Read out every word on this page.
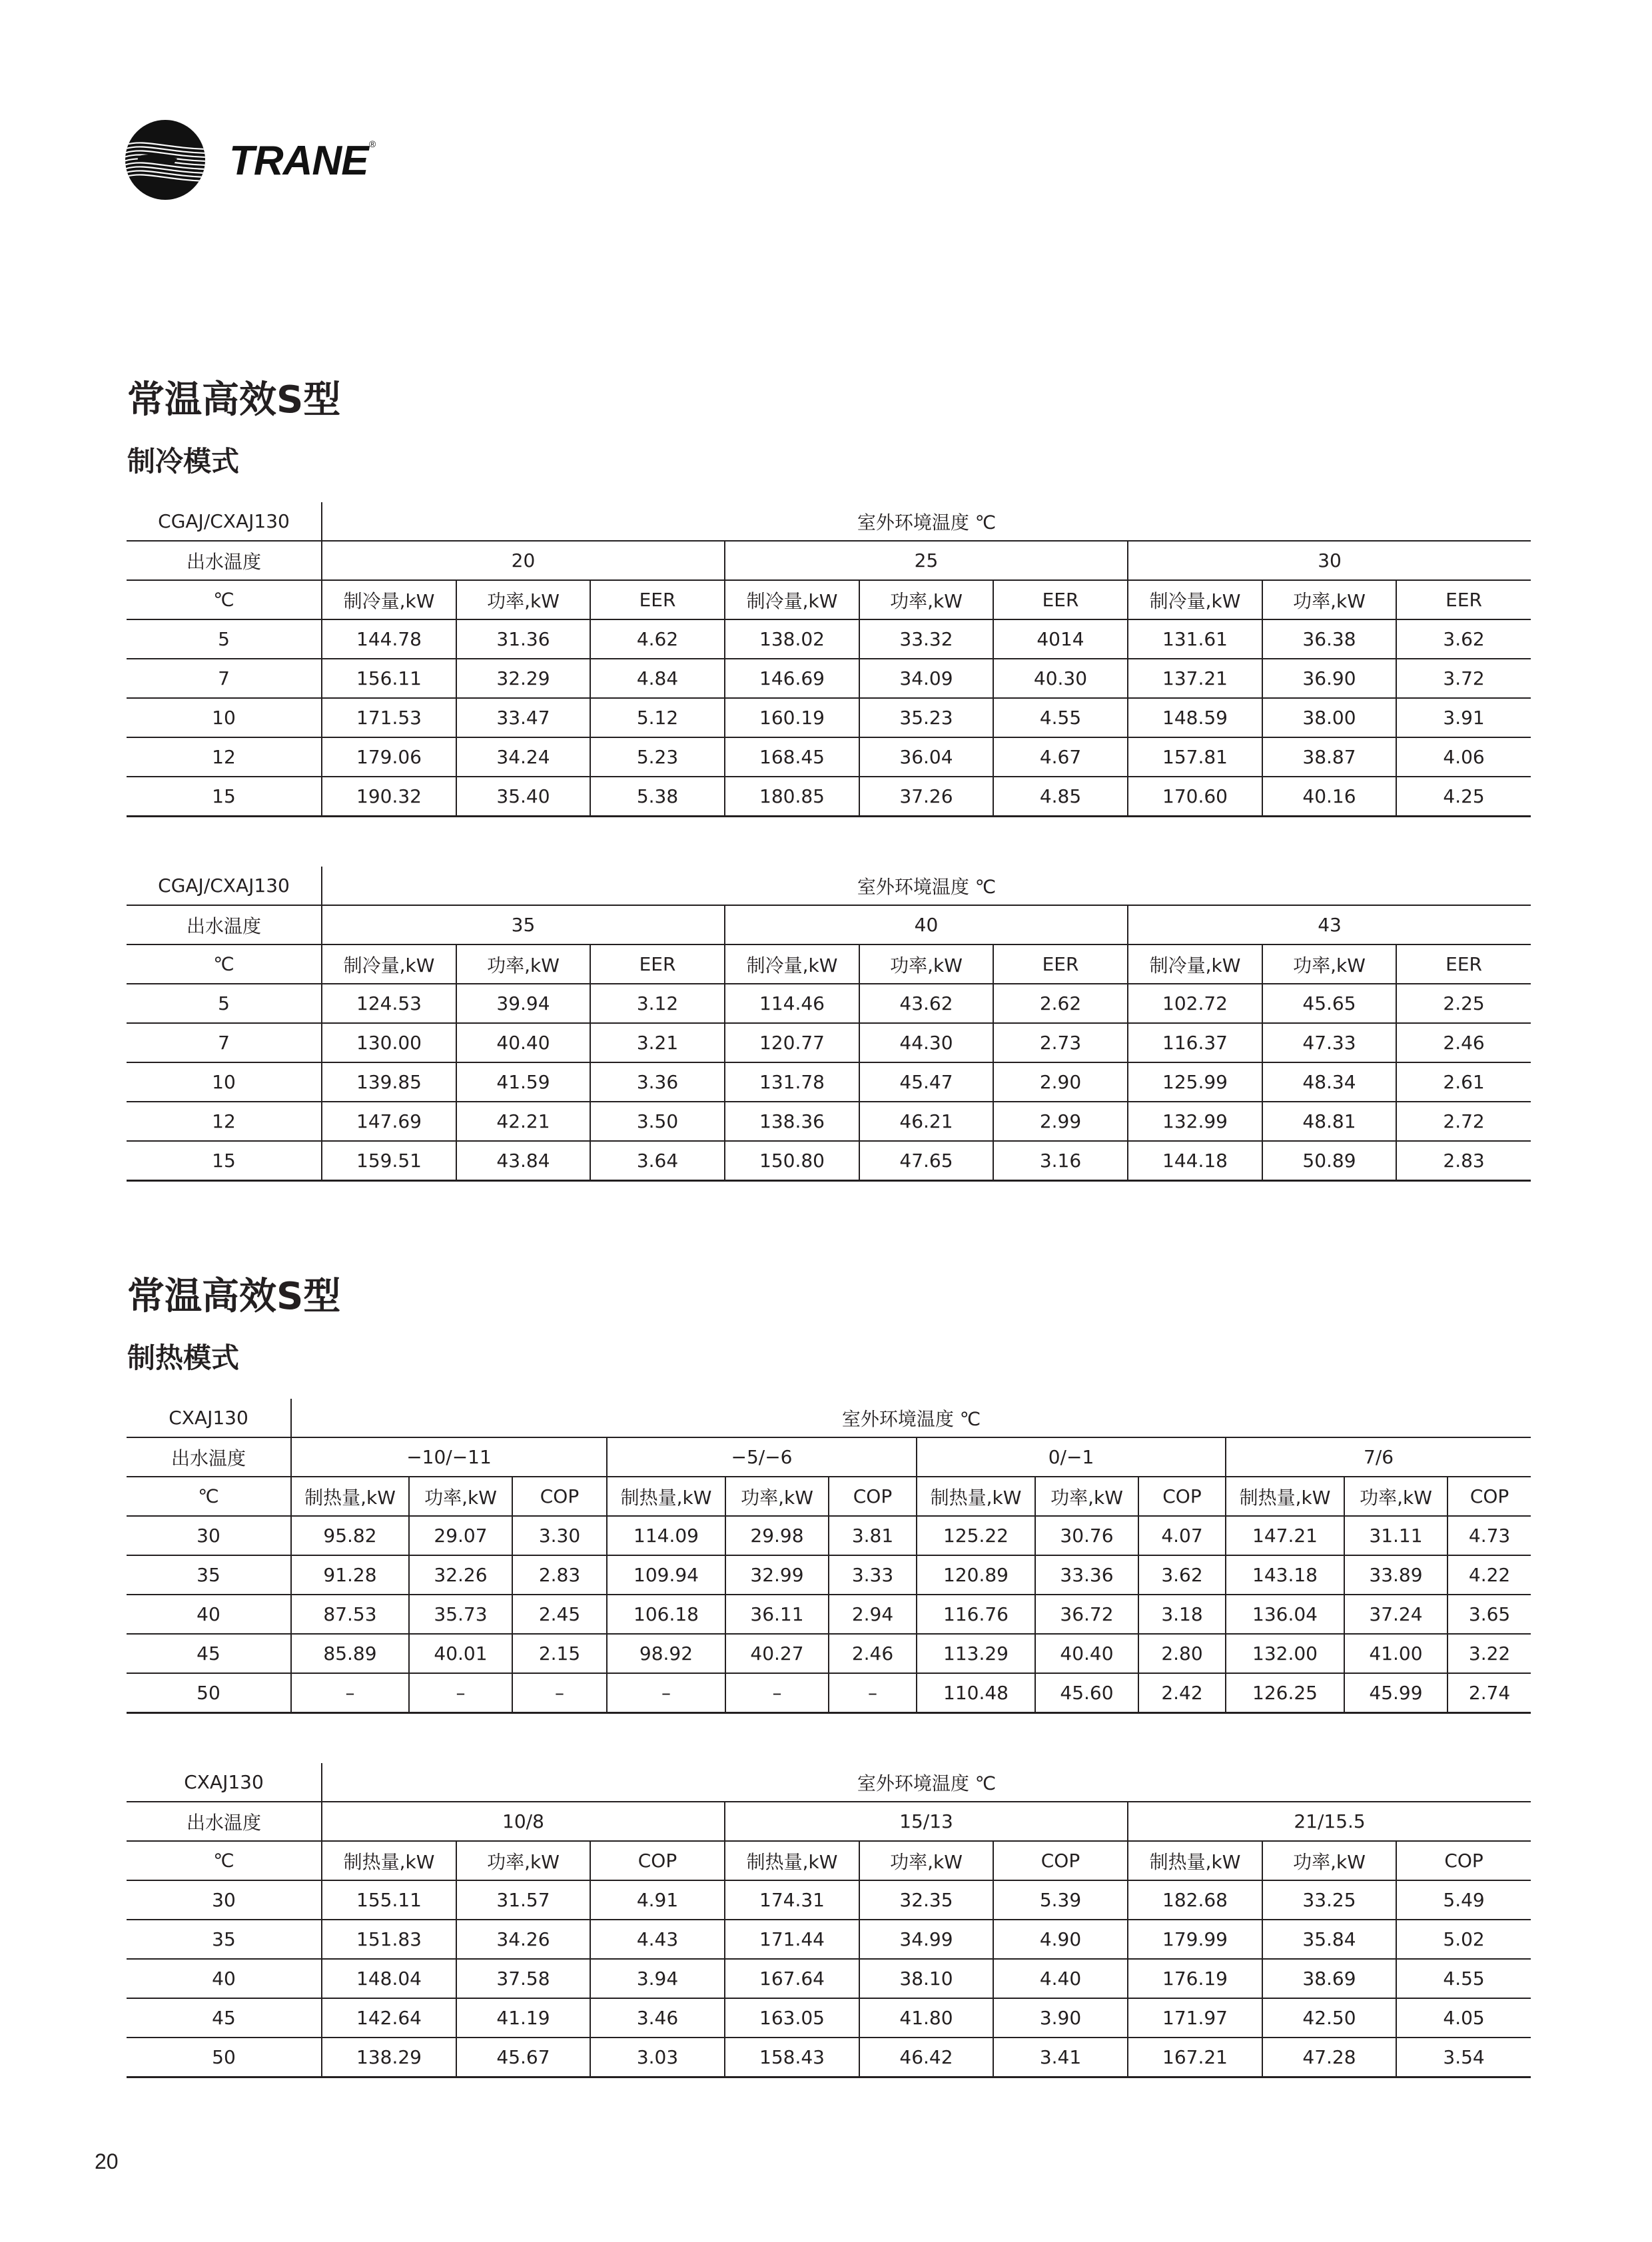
TRANE ®
常温高效S型
制冷模式
CGAJ/CXAJ130	室外环境温度 ℃								
出水温度	20			25			30		
℃	制冷量,kW	功率,kW	EER	制冷量,kW	功率,kW	EER	制冷量,kW	功率,kW	EER
5	144.78	31.36	4.62	138.02	33.32	4014	131.61	36.38	3.62
7	156.11	32.29	4.84	146.69	34.09	40.30	137.21	36.90	3.72
10	171.53	33.47	5.12	160.19	35.23	4.55	148.59	38.00	3.91
12	179.06	34.24	5.23	168.45	36.04	4.67	157.81	38.87	4.06
15	190.32	35.40	5.38	180.85	37.26	4.85	170.60	40.16	4.25
CGAJ/CXAJ130	室外环境温度 ℃								
出水温度	35			40			43		
℃	制冷量,kW	功率,kW	EER	制冷量,kW	功率,kW	EER	制冷量,kW	功率,kW	EER
5	124.53	39.94	3.12	114.46	43.62	2.62	102.72	45.65	2.25
7	130.00	40.40	3.21	120.77	44.30	2.73	116.37	47.33	2.46
10	139.85	41.59	3.36	131.78	45.47	2.90	125.99	48.34	2.61
12	147.69	42.21	3.50	138.36	46.21	2.99	132.99	48.81	2.72
15	159.51	43.84	3.64	150.80	47.65	3.16	144.18	50.89	2.83
常温高效S型
制热模式
CXAJ130	室外环境温度 ℃											
出水温度	−10/−11			−5/−6			0/−1			7/6		
℃	制热量,kW	功率,kW	COP	制热量,kW	功率,kW	COP	制热量,kW	功率,kW	COP	制热量,kW	功率,kW	COP
30	95.82	29.07	3.30	114.09	29.98	3.81	125.22	30.76	4.07	147.21	31.11	4.73
35	91.28	32.26	2.83	109.94	32.99	3.33	120.89	33.36	3.62	143.18	33.89	4.22
40	87.53	35.73	2.45	106.18	36.11	2.94	116.76	36.72	3.18	136.04	37.24	3.65
45	85.89	40.01	2.15	98.92	40.27	2.46	113.29	40.40	2.80	132.00	41.00	3.22
50	–	–	–	–	–	–	110.48	45.60	2.42	126.25	45.99	2.74
CXAJ130	室外环境温度 ℃								
出水温度	10/8			15/13			21/15.5		
℃	制热量,kW	功率,kW	COP	制热量,kW	功率,kW	COP	制热量,kW	功率,kW	COP
30	155.11	31.57	4.91	174.31	32.35	5.39	182.68	33.25	5.49
35	151.83	34.26	4.43	171.44	34.99	4.90	179.99	35.84	5.02
40	148.04	37.58	3.94	167.64	38.10	4.40	176.19	38.69	4.55
45	142.64	41.19	3.46	163.05	41.80	3.90	171.97	42.50	4.05
50	138.29	45.67	3.03	158.43	46.42	3.41	167.21	47.28	3.54
20
